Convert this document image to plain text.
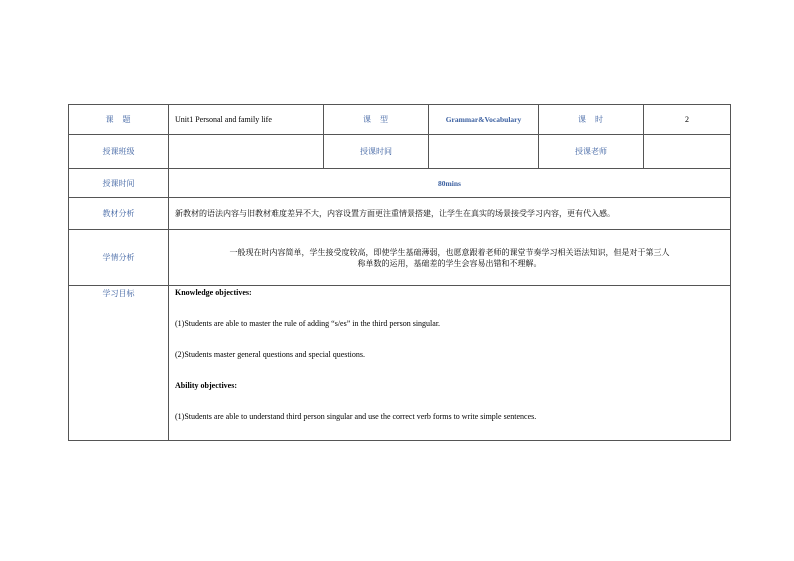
课题	Unit1 Personal and family life	课型	Grammar&Vocabulary	课时	2
授课班级		授课时间		授课老师	
授课时间	80mins				
教材分析	新教材的语法内容与旧教材难度差异不大，内容设置方面更注重情景搭建，让学生在真实的场景接受学习内容，更有代入感。				
学情分析	一般现在时内容简单，学生接受度较高，即使学生基础薄弱，也愿意跟着老师的课堂节奏学习相关语法知识，但是对于第三人
称单数的运用，基础差的学生会容易出错和不理解。				

学习目标	Knowledge objectives:

(1)Students are able to master the rule of adding “s/es” in the third person singular.

(2)Students master general questions and special questions.

Ability objectives:

(1)Students are able to understand third person singular and use the correct verb forms to write simple sentences.				
